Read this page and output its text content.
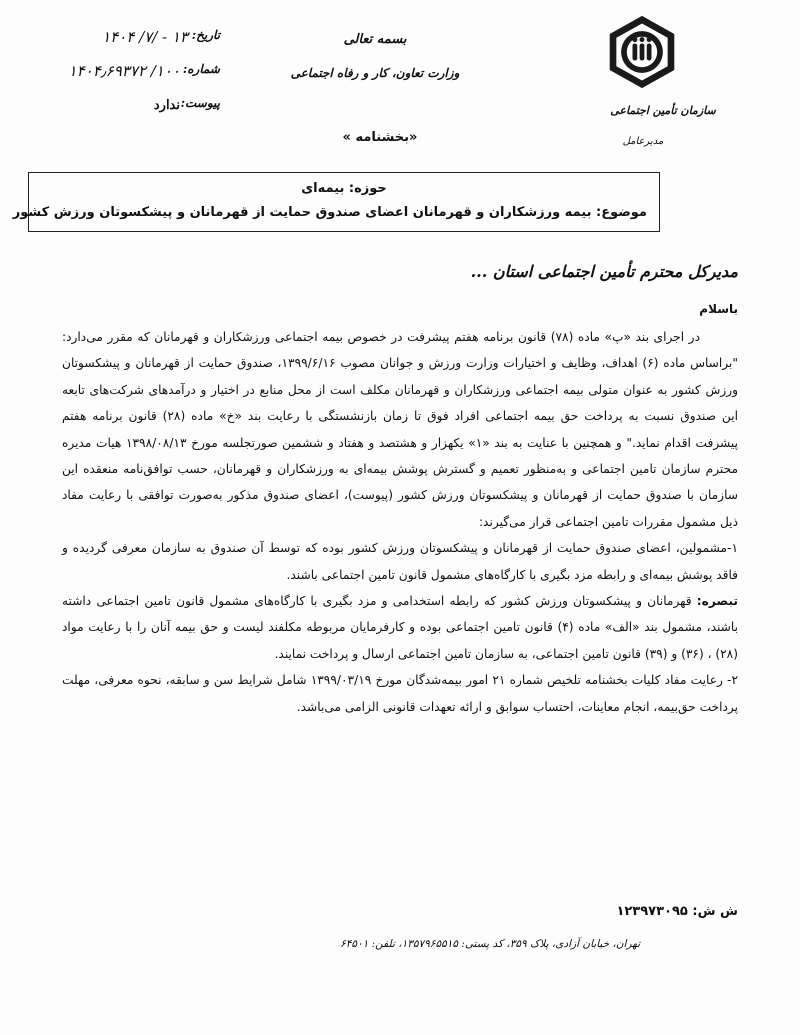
تاریخ:
۱۴۰۴ /۷/ - ۱۳
شماره:
۱۴۰۴٫۶۹۳۷۲ /۱۰۰۰
پیوست:
ندارد
بسمه تعالی
وزارت تعاون، کار و رفاه اجتماعی
«بخشنامه »
سازمان تأمین اجتماعی
مدیرعامل
حوزه: بیمه‌ای
موضوع: بیمه ورزشکاران و قهرمانان اعضای صندوق حمایت از قهرمانان و پیشکسوتان ورزش کشور
مدیرکل محترم تأمین اجتماعی استان ...
باسلام

در اجرای بند «پ» ماده (۷۸) قانون برنامه هفتم پیشرفت در خصوص بیمه اجتماعی ورزشکاران و قهرمانان که مقرر می‌دارد: "براساس ماده (۶) اهداف، وظایف و اختیارات وزارت ورزش و جوانان مصوب ۱۳۹۹/۶/۱۶، صندوق حمایت از قهرمانان و پیشکسوتان ورزش کشور به عنوان متولی بیمه اجتماعی ورزشکاران و قهرمانان مکلف است از محل منابع در اختیار و درآمدهای شرکت‌های تابعه این صندوق نسبت به پرداخت حق بیمه اجتماعی افراد فوق تا زمان بازنشستگی با رعایت بند «خ» ماده (۲۸) قانون برنامه هفتم پیشرفت اقدام نماید." و همچنین با عنایت به بند «۱» یکهزار و هشتصد و هفتاد و ششمین صورتجلسه مورخ ۱۳۹۸/۰۸/۱۳ هیات مدیره محترم سازمان تامین اجتماعی و به‌منظور تعمیم و گسترش پوشش بیمه‌ای به ورزشکاران و قهرمانان، حسب توافق‌نامه منعقده این سازمان با صندوق حمایت از قهرمانان و پیشکسوتان ورزش کشور (پیوست)، اعضای صندوق مذکور به‌صورت توافقی با رعایت مفاد ذیل مشمول مقررات تامین اجتماعی قرار می‌گیرند:

۱-مشمولین، اعضای صندوق حمایت از قهرمانان و پیشکسوتان ورزش کشور بوده که توسط آن صندوق به سازمان معرفی گردیده و فاقد پوشش بیمه‌ای و رابطه مزد بگیری با کارگاه‌های مشمول قانون تامین اجتماعی باشند.

تبصره: قهرمانان و پیشکسوتان ورزش کشور که رابطه استخدامی و مزد بگیری با کارگاه‌های مشمول قانون تامین اجتماعی داشته باشند، مشمول بند «الف» ماده (۴) قانون تامین اجتماعی بوده و کارفرمایان مربوطه مکلفند لیست و حق بیمه آنان را با رعایت مواد (۲۸) ، (۳۶) و (۳۹) قانون تامین اجتماعی، به سازمان تامین اجتماعی ارسال و پرداخت نمایند.

۲- رعایت مفاد کلیات بخشنامه تلخیص شماره ۲۱ امور بیمه‌شدگان مورخ ۱۳۹۹/۰۳/۱۹ شامل شرایط سن و سابقه، نحوه معرفی، مهلت پرداخت حق‌بیمه، انجام معاینات، احتساب سوابق و ارائه تعهدات قانونی الزامی می‌باشد.

ش ش: ۱۲۳۹۷۳۰۹۵
تهران، خیابان آزادی، پلاک ۳۵۹، کد پستی: ۱۳۵۷۹۶۵۵۱۵، تلفن: ۶۴۵۰۱
